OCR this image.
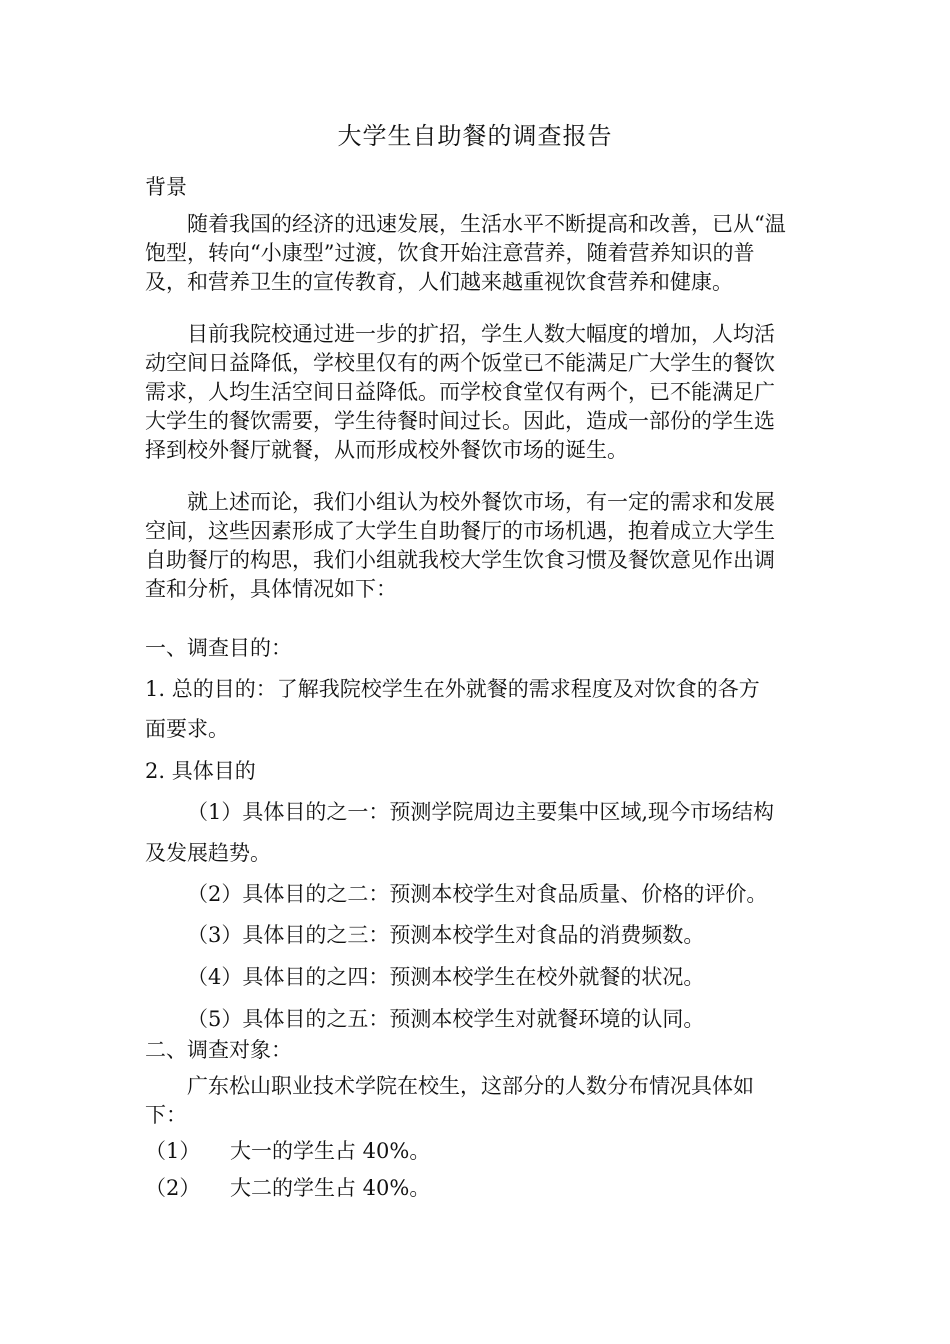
大学生自助餐的调查报告
背景
随着我国的经济的迅速发展，生活水平不断提高和改善，已从“温
饱型，转向“小康型”过渡，饮食开始注意营养，随着营养知识的普
及，和营养卫生的宣传教育，人们越来越重视饮食营养和健康。
目前我院校通过进一步的扩招，学生人数大幅度的增加，人均活
动空间日益降低，学校里仅有的两个饭堂已不能满足广大学生的餐饮
需求，人均生活空间日益降低。而学校食堂仅有两个，已不能满足广
大学生的餐饮需要，学生待餐时间过长。因此，造成一部份的学生选
择到校外餐厅就餐，从而形成校外餐饮市场的诞生。
就上述而论，我们小组认为校外餐饮市场，有一定的需求和发展
空间，这些因素形成了大学生自助餐厅的市场机遇，抱着成立大学生
自助餐厅的构思，我们小组就我校大学生饮食习惯及餐饮意见作出调
查和分析，具体情况如下：
一、调查目的：
1. 总的目的：了解我院校学生在外就餐的需求程度及对饮食的各方
面要求。
2. 具体目的
（1）具体目的之一：预测学院周边主要集中区域,现今市场结构
及发展趋势。
（2）具体目的之二：预测本校学生对食品质量、价格的评价。
（3）具体目的之三：预测本校学生对食品的消费频数。
（4）具体目的之四：预测本校学生在校外就餐的状况。
（5）具体目的之五：预测本校学生对就餐环境的认同。
二、调查对象：
广东松山职业技术学院在校生，这部分的人数分布情况具体如
下：
（1） 大一的学生占 40%。
（2） 大二的学生占 40%。
